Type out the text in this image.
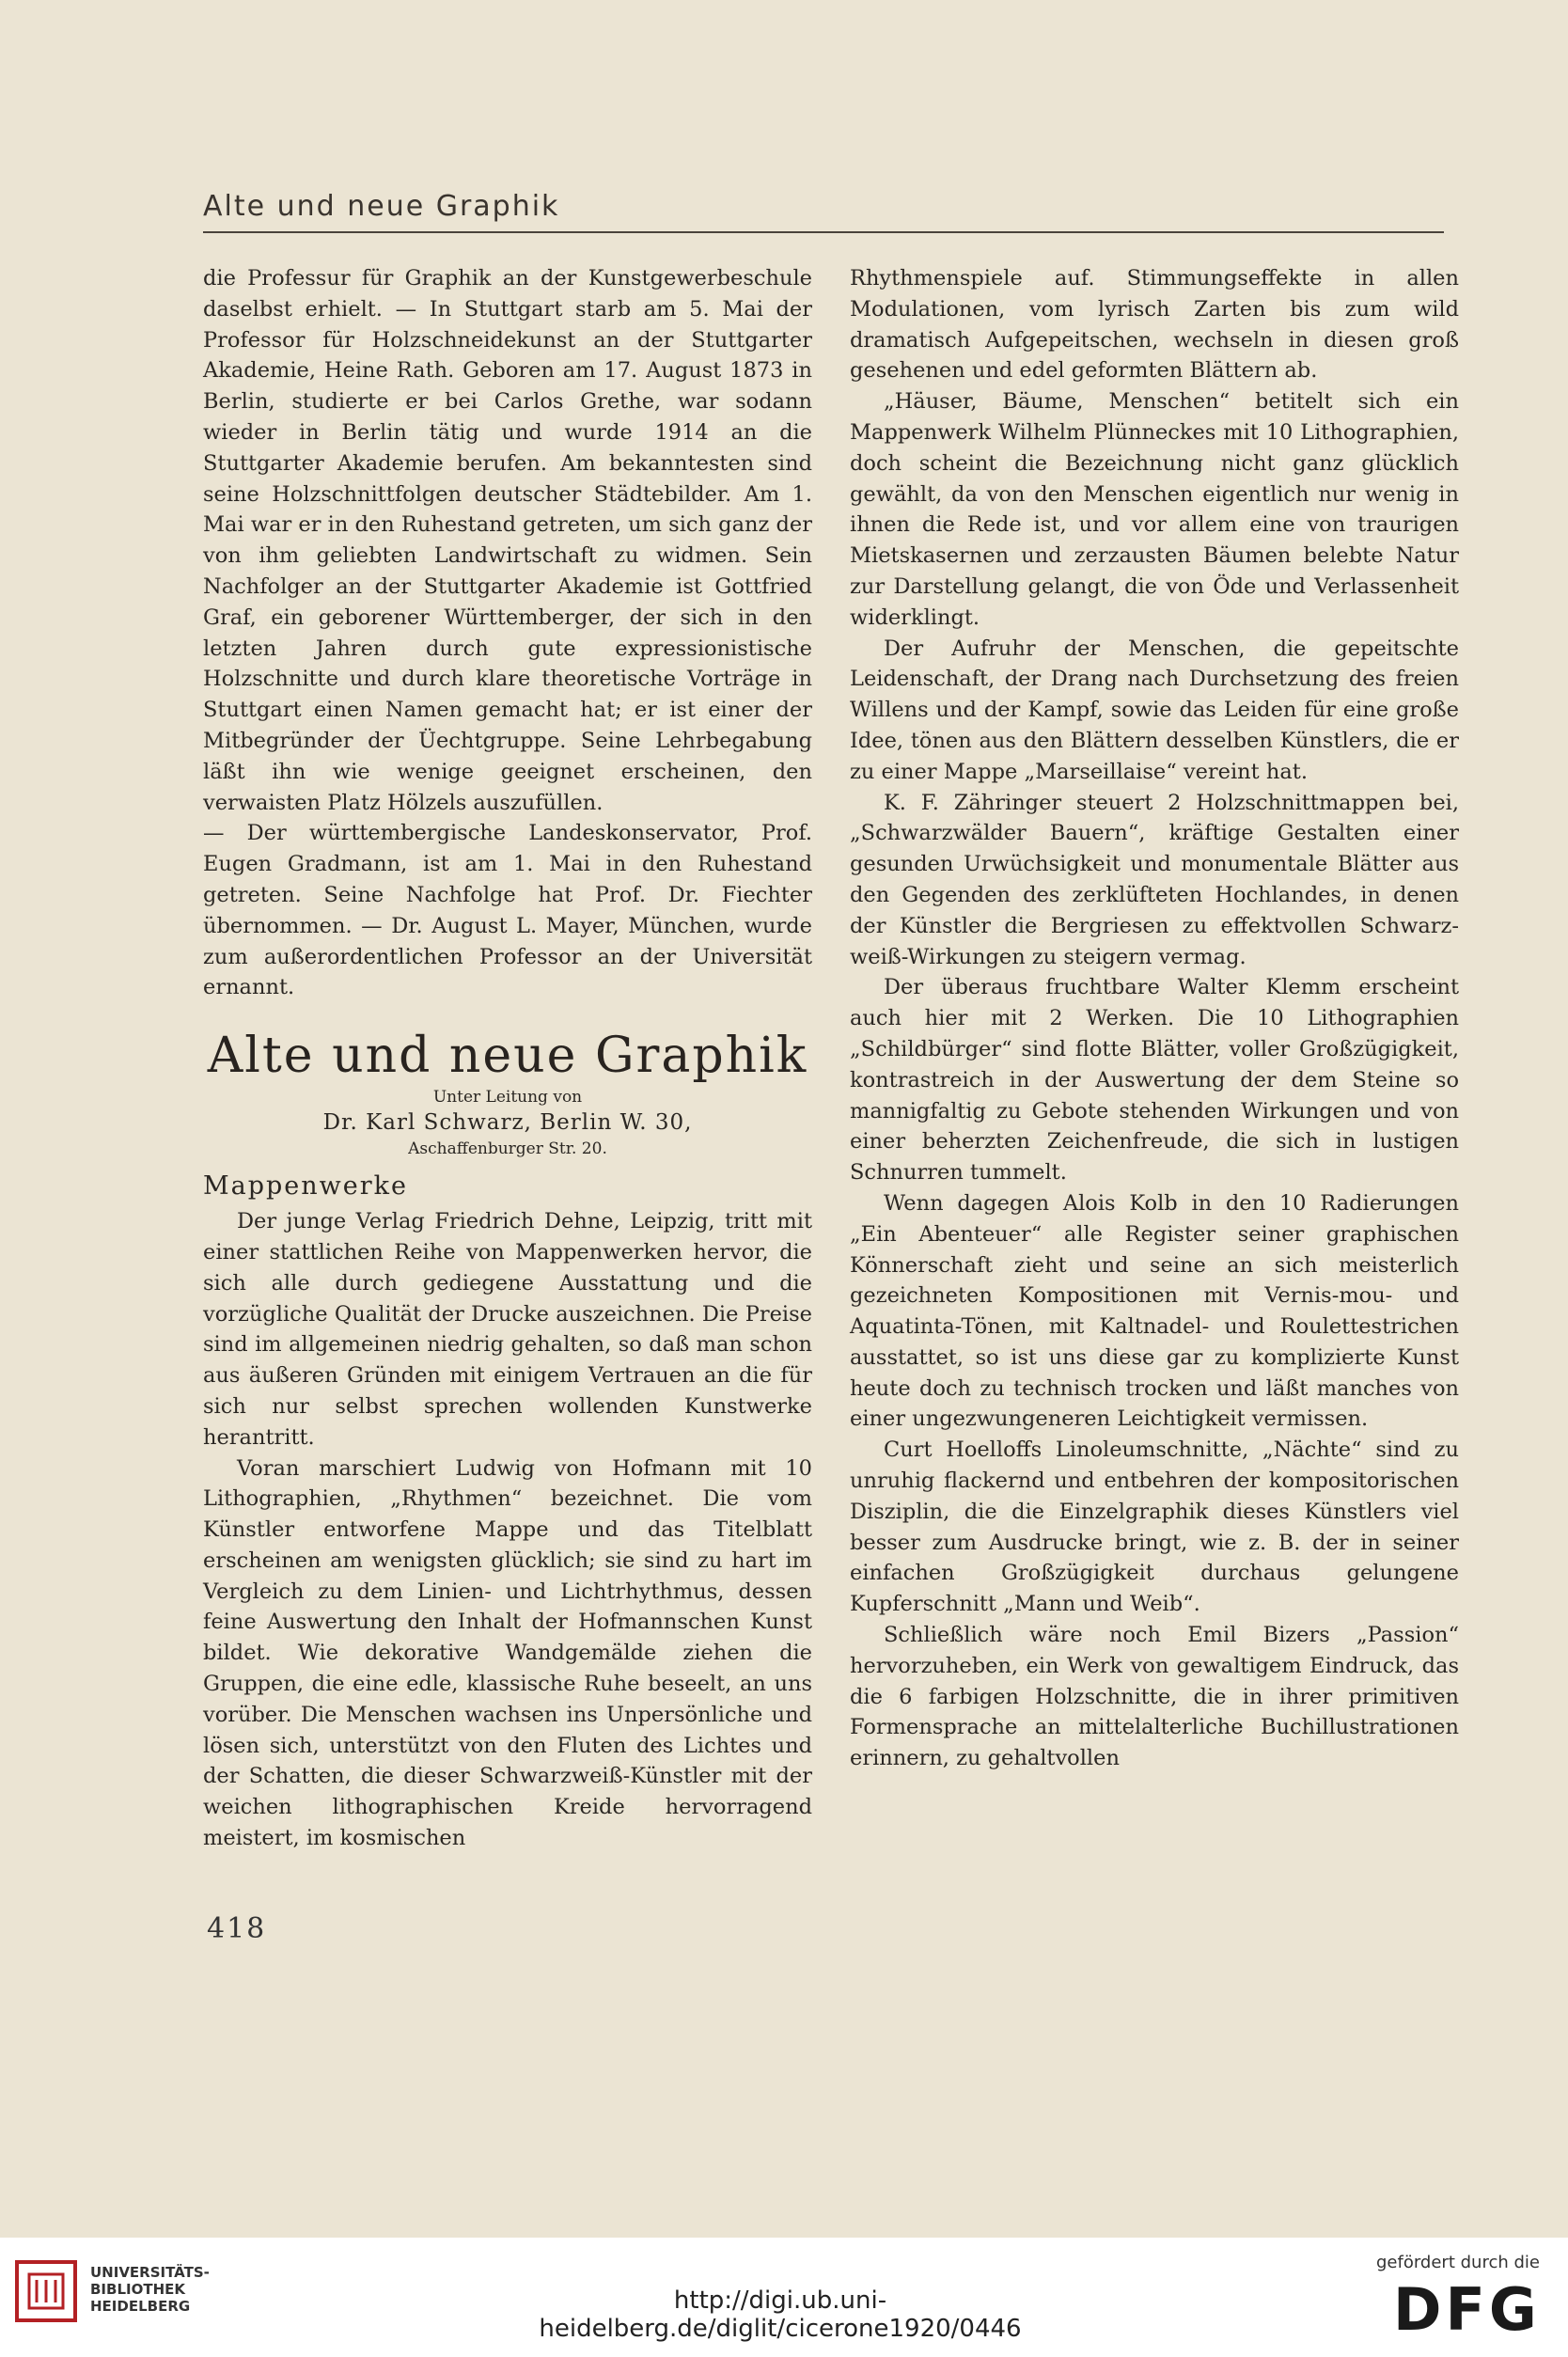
Alte und neue Graphik

die Professur für Graphik an der Kunstgewerbeschule daselbst erhielt. — In Stuttgart starb am 5. Mai der Professor für Holzschneidekunst an der Stuttgarter Akademie, Heine Rath. Geboren am 17. August 1873 in Berlin, studierte er bei Carlos Grethe, war sodann wieder in Berlin tätig und wurde 1914 an die Stuttgarter Akademie berufen. Am bekanntesten sind seine Holzschnittfolgen deutscher Städtebilder. Am 1. Mai war er in den Ruhestand getreten, um sich ganz der von ihm geliebten Landwirtschaft zu widmen. Sein Nachfolger an der Stuttgarter Akademie ist Gottfried Graf, ein geborener Württemberger, der sich in den letzten Jahren durch gute expressionistische Holzschnitte und durch klare theoretische Vorträge in Stuttgart einen Namen gemacht hat; er ist einer der Mitbegründer der Üechtgruppe. Seine Lehrbegabung läßt ihn wie wenige geeignet erscheinen, den verwaisten Platz Hölzels auszufüllen.

— Der württembergische Landeskonservator, Prof. Eugen Gradmann, ist am 1. Mai in den Ruhestand getreten. Seine Nachfolge hat Prof. Dr. Fiechter übernommen. — Dr. August L. Mayer, München, wurde zum außerordentlichen Professor an der Universität ernannt.

Alte und neue Graphik
Unter Leitung von
Dr. Karl Schwarz, Berlin W. 30,
Aschaffenburger Str. 20.
Mappenwerke

Der junge Verlag Friedrich Dehne, Leipzig, tritt mit einer stattlichen Reihe von Mappenwerken hervor, die sich alle durch gediegene Ausstattung und die vorzügliche Qualität der Drucke auszeichnen. Die Preise sind im allgemeinen niedrig gehalten, so daß man schon aus äußeren Gründen mit einigem Vertrauen an die für sich nur selbst sprechen wollenden Kunstwerke herantritt.

Voran marschiert Ludwig von Hofmann mit 10 Lithographien, „Rhythmen“ bezeichnet. Die vom Künstler entworfene Mappe und das Titelblatt erscheinen am wenigsten glücklich; sie sind zu hart im Vergleich zu dem Linien- und Lichtrhythmus, dessen feine Auswertung den Inhalt der Hofmannschen Kunst bildet. Wie dekorative Wandgemälde ziehen die Gruppen, die eine edle, klassische Ruhe beseelt, an uns vorüber. Die Menschen wachsen ins Unpersönliche und lösen sich, unterstützt von den Fluten des Lichtes und der Schatten, die dieser Schwarzweiß-Künstler mit der weichen lithographischen Kreide hervorragend meistert, im kosmischen

Rhythmenspiele auf. Stimmungseffekte in allen Modulationen, vom lyrisch Zarten bis zum wild dramatisch Aufgepeitschen, wechseln in diesen groß gesehenen und edel geformten Blättern ab.

„Häuser, Bäume, Menschen“ betitelt sich ein Mappenwerk Wilhelm Plünneckes mit 10 Lithographien, doch scheint die Bezeichnung nicht ganz glücklich gewählt, da von den Menschen eigentlich nur wenig in ihnen die Rede ist, und vor allem eine von traurigen Mietskasernen und zerzausten Bäumen belebte Natur zur Darstellung gelangt, die von Öde und Verlassenheit widerklingt.

Der Aufruhr der Menschen, die gepeitschte Leidenschaft, der Drang nach Durchsetzung des freien Willens und der Kampf, sowie das Leiden für eine große Idee, tönen aus den Blättern desselben Künstlers, die er zu einer Mappe „Marseillaise“ vereint hat.

K. F. Zähringer steuert 2 Holzschnittmappen bei, „Schwarzwälder Bauern“, kräftige Gestalten einer gesunden Urwüchsigkeit und monumentale Blätter aus den Gegenden des zerklüfteten Hochlandes, in denen der Künstler die Bergriesen zu effektvollen Schwarz-weiß-Wirkungen zu steigern vermag.

Der überaus fruchtbare Walter Klemm erscheint auch hier mit 2 Werken. Die 10 Lithographien „Schildbürger“ sind flotte Blätter, voller Großzügigkeit, kontrastreich in der Auswertung der dem Steine so mannigfaltig zu Gebote stehenden Wirkungen und von einer beherzten Zeichenfreude, die sich in lustigen Schnurren tummelt.

Wenn dagegen Alois Kolb in den 10 Radierungen „Ein Abenteuer“ alle Register seiner graphischen Könnerschaft zieht und seine an sich meisterlich gezeichneten Kompositionen mit Vernis-mou- und Aquatinta-Tönen, mit Kaltnadel- und Roulettestrichen ausstattet, so ist uns diese gar zu komplizierte Kunst heute doch zu technisch trocken und läßt manches von einer ungezwungeneren Leichtigkeit vermissen.

Curt Hoelloffs Linoleumschnitte, „Nächte“ sind zu unruhig flackernd und entbehren der kompositorischen Disziplin, die die Einzelgraphik dieses Künstlers viel besser zum Ausdrucke bringt, wie z. B. der in seiner einfachen Großzügigkeit durchaus gelungene Kupferschnitt „Mann und Weib“.

Schließlich wäre noch Emil Bizers „Passion“ hervorzuheben, ein Werk von gewaltigem Eindruck, das die 6 farbigen Holzschnitte, die in ihrer primitiven Formensprache an mittelalterliche Buchillustrationen erinnern, zu gehaltvollen

418
UNIVERSITÄTS-
BIBLIOTHEK
HEIDELBERG	http://digi.ub.uni-heidelberg.de/diglit/cicerone1920/0446
gefördert durch die
DFG
